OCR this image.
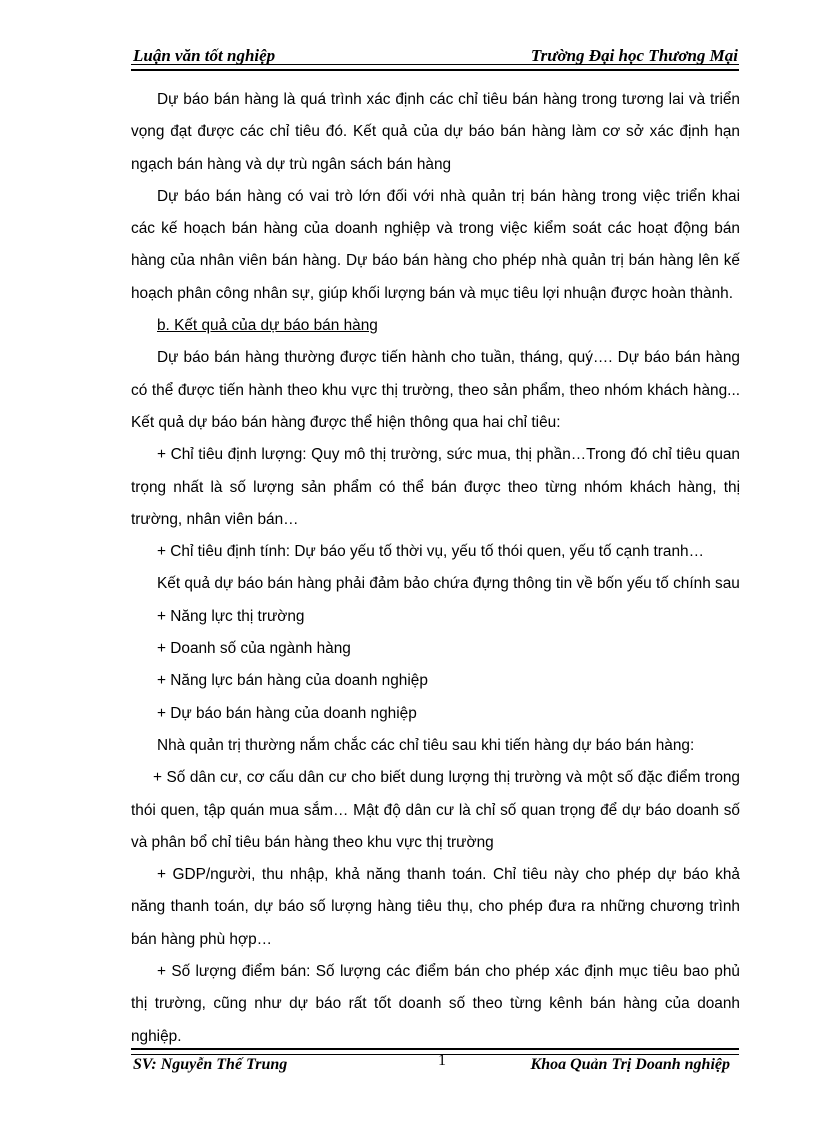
Luận văn tốt nghiệp	Trường Đại học Thương Mại

Dự báo bán hàng là quá trình xác định các chỉ tiêu bán hàng trong tương lai và triển vọng đạt được các chỉ tiêu đó. Kết quả của dự báo bán hàng làm cơ sở xác định hạn ngạch bán hàng và dự trù ngân sách bán hàng

Dự báo bán hàng có vai trò lớn đối với nhà quản trị bán hàng trong việc triển khai các kế hoạch bán hàng của doanh nghiệp và trong việc kiểm soát các hoạt động bán hàng của nhân viên bán hàng. Dự báo bán hàng cho phép nhà quản trị bán hàng lên kế hoạch phân công nhân sự, giúp khối lượng bán và mục tiêu lợi nhuận được hoàn thành.

b. Kết quả của dự báo bán hàng

Dự báo bán hàng thường được tiến hành cho tuần, tháng, quý…. Dự báo bán hàng có thể được tiến hành theo khu vực thị trường, theo sản phẩm, theo nhóm khách hàng... Kết quả dự báo bán hàng được thể hiện thông qua hai chỉ tiêu:

+ Chỉ tiêu định lượng: Quy mô thị trường, sức mua, thị phần…Trong đó chỉ tiêu quan trọng nhất là số lượng sản phẩm có thể bán được theo từng nhóm khách hàng, thị trường, nhân viên bán…

+ Chỉ tiêu định tính: Dự báo yếu tố thời vụ, yếu tố thói quen, yếu tố cạnh tranh…

Kết quả dự báo bán hàng phải đảm bảo chứa đựng thông tin về bốn yếu tố chính sau

+ Năng lực thị trường

+ Doanh số của ngành hàng

+ Năng lực bán hàng của doanh nghiệp

+ Dự báo bán hàng của doanh nghiệp

Nhà quản trị thường nắm chắc các chỉ tiêu sau khi tiến hàng dự báo bán hàng:

+ Số dân cư, cơ cấu dân cư cho biết dung lượng thị trường và một số đặc điểm trong thói quen, tập quán mua sắm… Mật độ dân cư là chỉ số quan trọng để dự báo doanh số và phân bổ chỉ tiêu bán hàng theo khu vực thị trường

+ GDP/người, thu nhập, khả năng thanh toán. Chỉ tiêu này cho phép dự báo khả năng thanh toán, dự báo số lượng hàng tiêu thụ, cho phép đưa ra những chương trình bán hàng phù hợp…

+ Số lượng điểm bán: Số lượng các điểm bán cho phép xác định mục tiêu bao phủ thị trường, cũng như dự báo rất tốt doanh số theo từng kênh bán hàng của doanh nghiệp.

SV: Nguyễn Thế Trung	1	Khoa Quản Trị Doanh nghiệp
